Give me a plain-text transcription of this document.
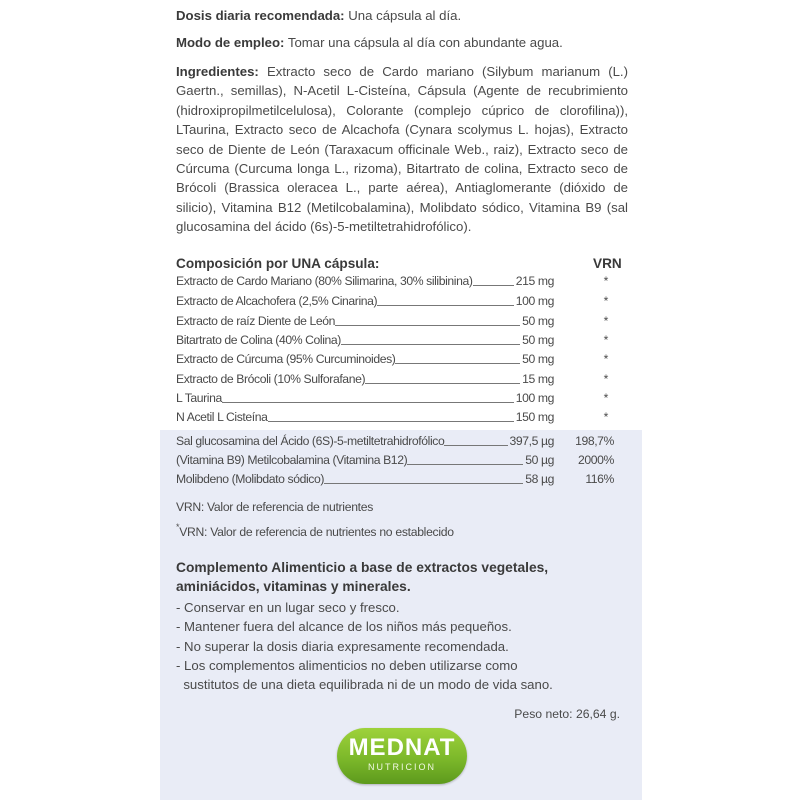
Dosis diaria recomendada: Una cápsula al día.
Modo de empleo: Tomar una cápsula al día con abundante agua.
Ingredientes: Extracto seco de Cardo mariano (Silybum marianum (L.) Gaertn., semillas), N-Acetil L-Cisteína, Cápsula (Agente de recubrimiento (hidroxipropilmetilcelulosa), Colorante (complejo cúprico de clorofilina)), LTaurina, Extracto seco de Alcachofa (Cynara scolymus L. hojas), Extracto seco de Diente de León (Taraxacum officinale Web., raiz), Extracto seco de Cúrcuma (Curcuma longa L., rizoma), Bitartrato de colina, Extracto seco de Brócoli (Brassica oleracea L., parte aérea), Antiaglomerante (dióxido de silicio), Vitamina B12 (Metilcobalamina), Molibdato sódico, Vitamina B9 (sal glucosamina del ácido (6s)-5-metiltetrahidrofólico).
Composición por UNA cápsula:	VRN
Extracto de Cardo Mariano (80% Silimarina, 30% silibinina)	215 mg	*
Extracto de Alcachofera (2,5% Cinarina)	100 mg	*
Extracto de raíz Diente de León	50 mg	*
Bitartrato de Colina (40% Colina)	50 mg	*
Extracto de Cúrcuma (95% Curcuminoides)	50 mg	*
Extracto de Brócoli (10% Sulforafane)	15 mg	*
L Taurina	100 mg	*
N Acetil L Cisteína	150 mg	*
Sal glucosamina del Ácido (6S)-5-metiltetrahidrofólico	397,5 µg 198,7%
(Vitamina B9) Metilcobalamina (Vitamina B12)	50 µg 2000%
Molibdeno (Molibdato sódico)	58 µg	116%
VRN: Valor de referencia de nutrientes
*VRN: Valor de referencia de nutrientes no establecido
Complemento Alimenticio a base de extractos vegetales,
aminiácidos, vitaminas y minerales.
- Conservar en un lugar seco y fresco.
- Mantener fuera del alcance de los niños más pequeños.
- No superar la dosis diaria expresamente recomendada.
- Los complementos alimenticios no deben utilizarse como
sustitutos de una dieta equilibrada ni de un modo de vida sano.
Peso neto: 26,64 g.
MEDNAT
NUTRICION
